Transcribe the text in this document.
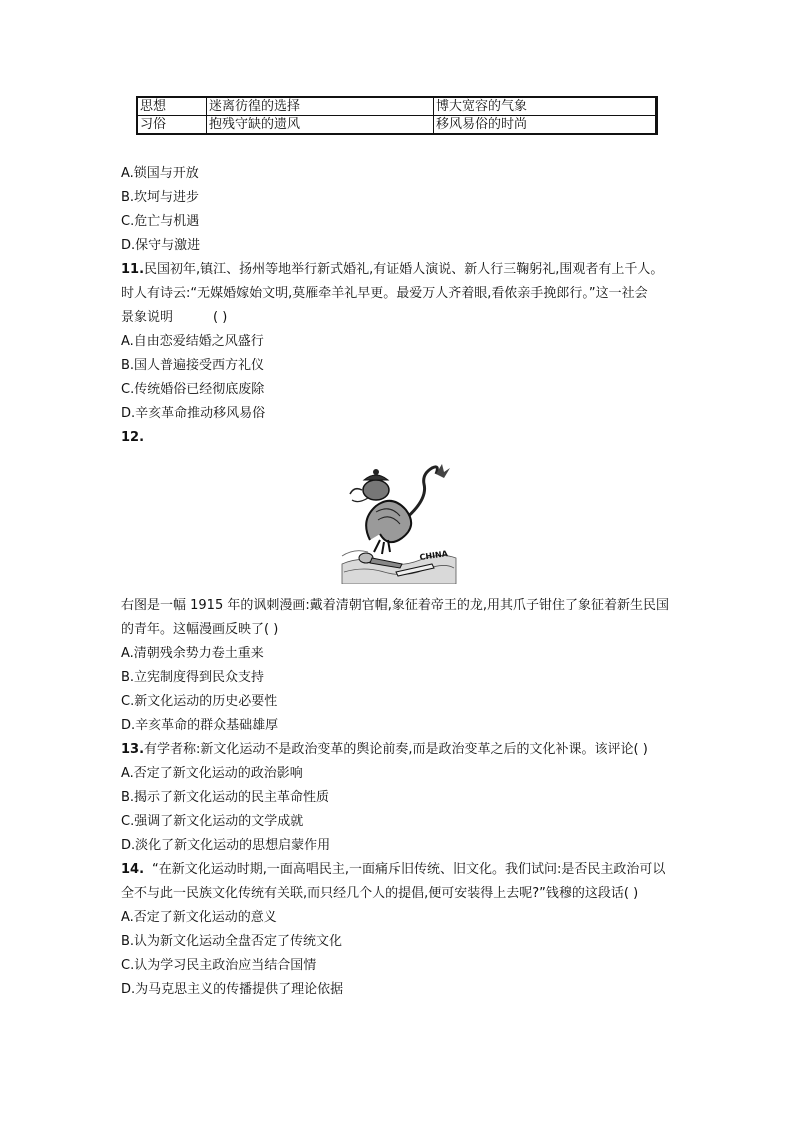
思想	迷离彷徨的选择	博大宽容的气象
习俗	抱残守缺的遗风	移风易俗的时尚
A.锁国与开放
B.坎坷与进步
C.危亡与机遇
D.保守与激进
11.民国初年,镇江、扬州等地举行新式婚礼,有证婚人演说、新人行三鞠躬礼,围观者有上千人。
时人有诗云:“无媒婚嫁始文明,莫雁牵羊礼早更。最爱万人齐着眼,看侬亲手挽郎行。”这一社会
景象说明	( )
A.自由恋爱结婚之风盛行
B.国人普遍接受西方礼仪
C.传统婚俗已经彻底废除
D.辛亥革命推动移风易俗
12.
CHINA
右图是一幅 1915 年的讽刺漫画:戴着清朝官帽,象征着帝王的龙,用其爪子钳住了象征着新生民国
的青年。这幅漫画反映了( )
A.清朝残余势力卷土重来
B.立宪制度得到民众支持
C.新文化运动的历史必要性
D.辛亥革命的群众基础雄厚
13.有学者称:新文化运动不是政治变革的舆论前奏,而是政治变革之后的文化补课。该评论( )
A.否定了新文化运动的政治影响
B.揭示了新文化运动的民主革命性质
C.强调了新文化运动的文学成就
D.淡化了新文化运动的思想启蒙作用
14. “在新文化运动时期,一面高唱民主,一面痛斥旧传统、旧文化。我们试问:是否民主政治可以
全不与此一民族文化传统有关联,而只经几个人的提倡,便可安装得上去呢?”钱穆的这段话( )
A.否定了新文化运动的意义
B.认为新文化运动全盘否定了传统文化
C.认为学习民主政治应当结合国情
D.为马克思主义的传播提供了理论依据
